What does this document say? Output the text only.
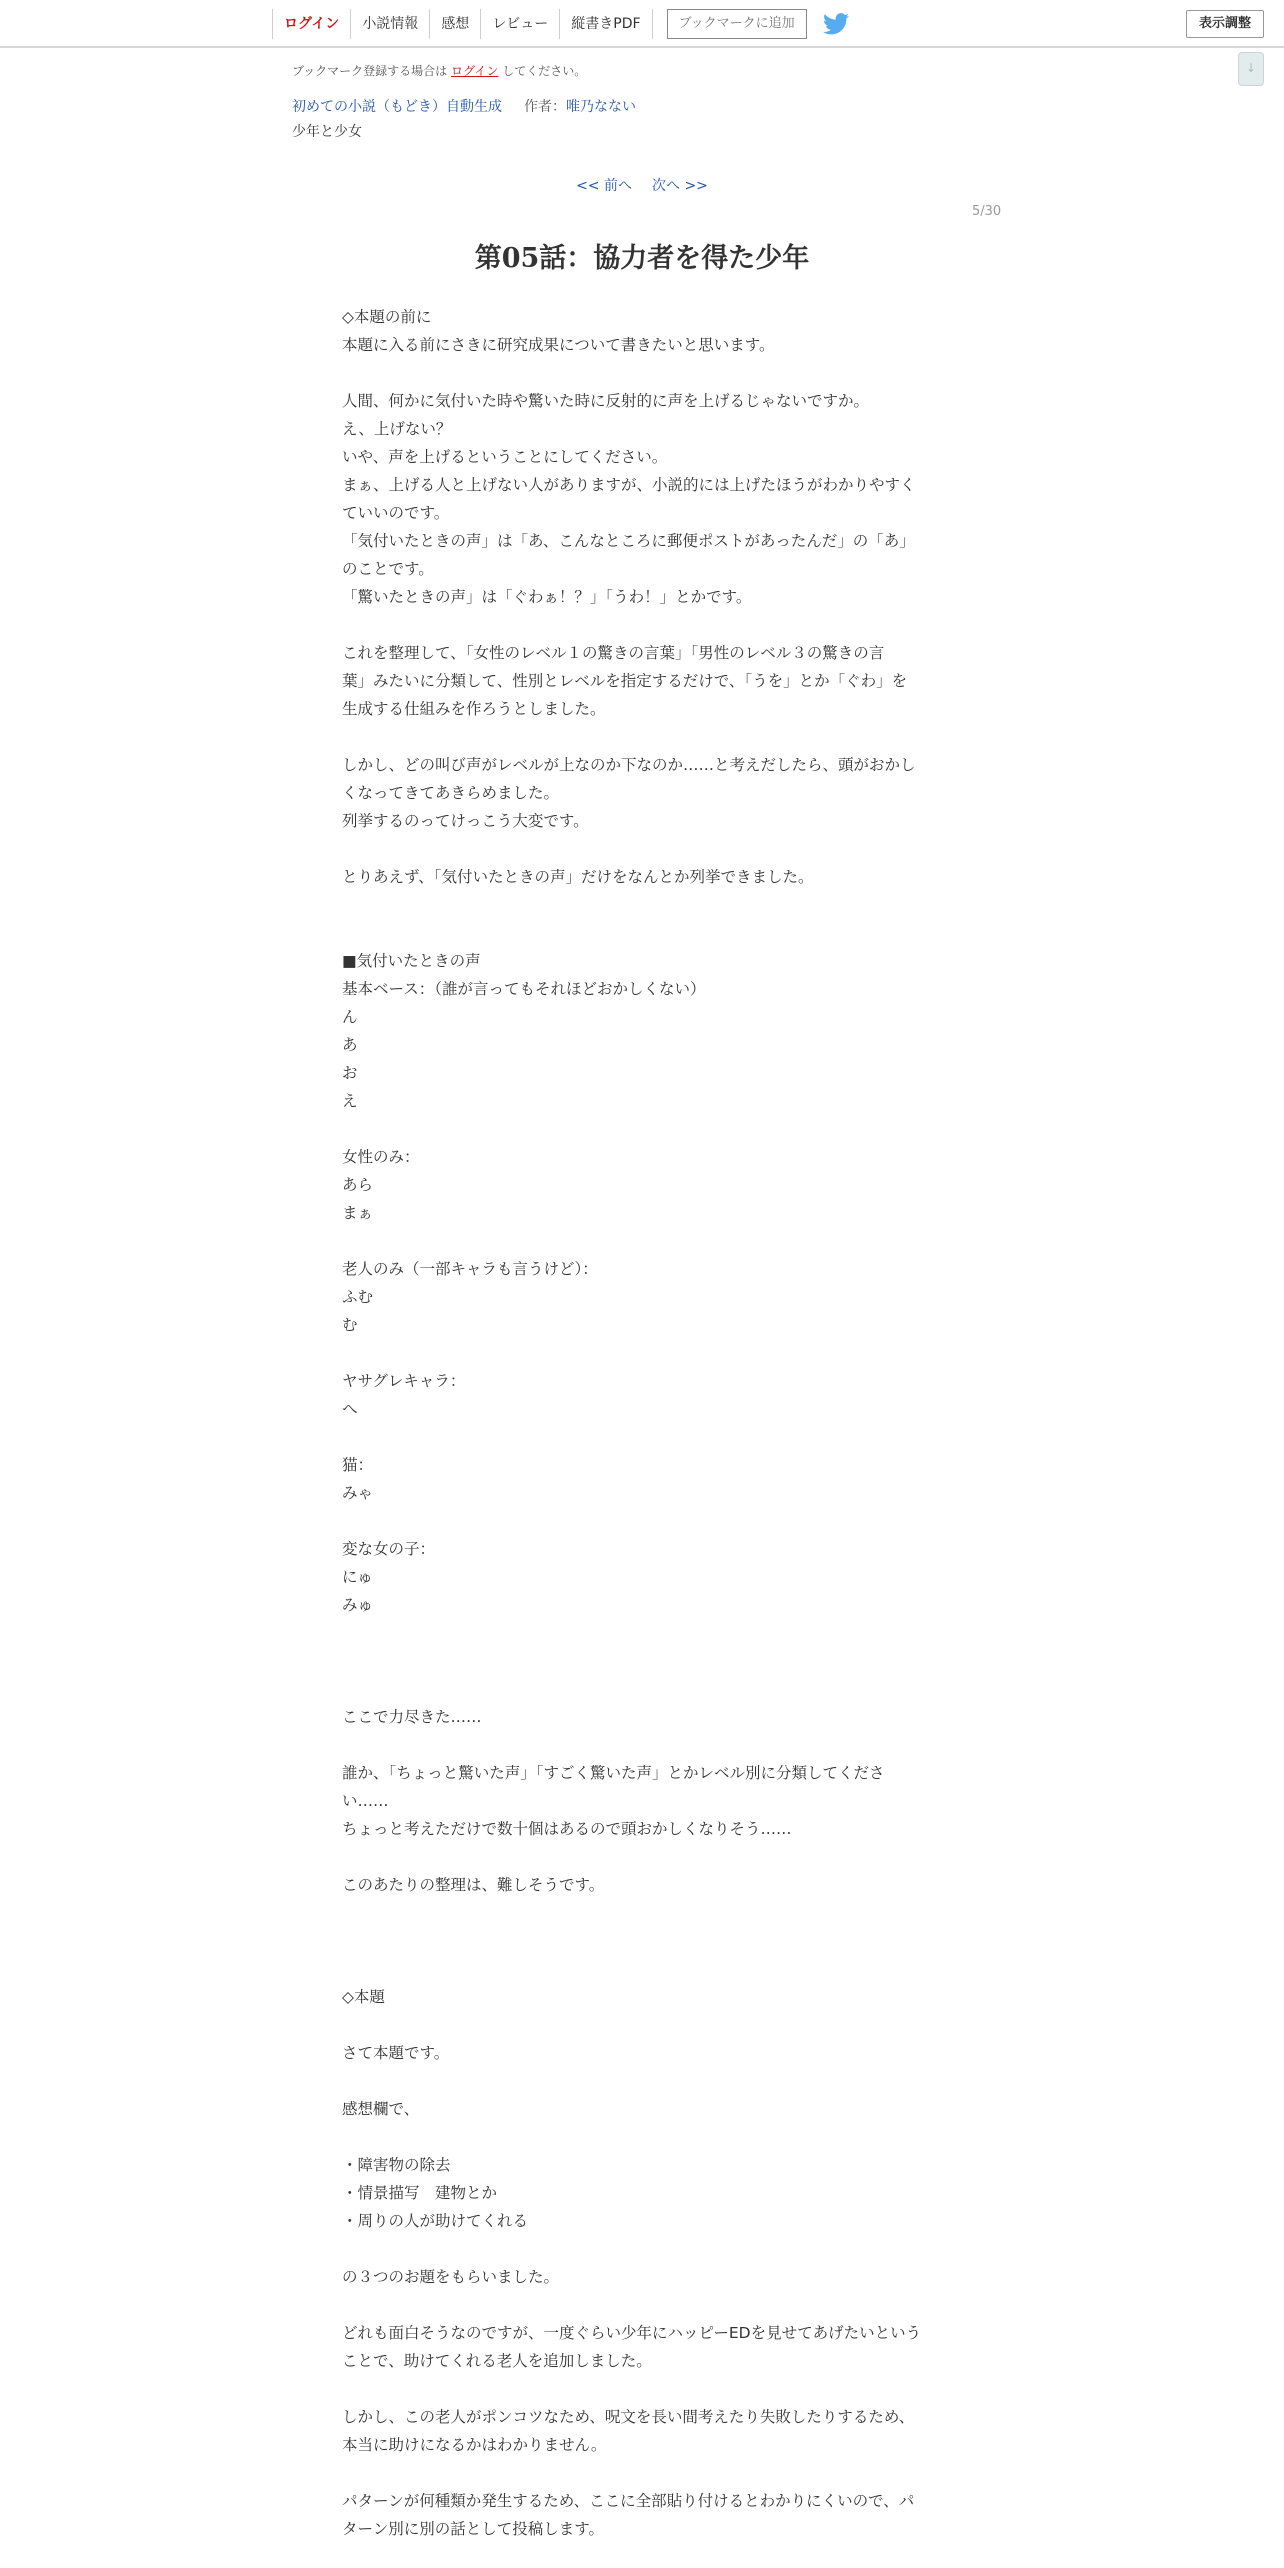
ログイン	小説情報	感想	レビュー	縦書きPDF	ブックマークに追加	表示調整
↓
ブックマーク登録する場合は ログイン してください。
初めての小説（もどき）自動生成 作者：唯乃なない
少年と少女
<< 前へ 次へ >>
5/30
第05話：協力者を得た少年
◇本題の前に
本題に入る前にさきに研究成果について書きたいと思います。
人間、何かに気付いた時や驚いた時に反射的に声を上げるじゃないですか。
え、上げない？
いや、声を上げるということにしてください。
まぁ、上げる人と上げない人がありますが、小説的には上げたほうがわかりやすく
ていいのです。
「気付いたときの声」は「あ、こんなところに郵便ポストがあったんだ」の「あ」
のことです。
「驚いたときの声」は「ぐわぁ！？」「うわ！」とかです。
これを整理して、「女性のレベル１の驚きの言葉」「男性のレベル３の驚きの言
葉」みたいに分類して、性別とレベルを指定するだけで、「うを」とか「ぐわ」を
生成する仕組みを作ろうとしました。
しかし、どの叫び声がレベルが上なのか下なのか……と考えだしたら、頭がおかし
くなってきてあきらめました。
列挙するのってけっこう大変です。
とりあえず、「気付いたときの声」だけをなんとか列挙できました。
■気付いたときの声
基本ベース：（誰が言ってもそれほどおかしくない）
ん
あ
お
え
女性のみ：
あら
まぁ
老人のみ（一部キャラも言うけど）：
ふむ
む
ヤサグレキャラ：
へ
猫：
みゃ
変な女の子：
にゅ
みゅ
ここで力尽きた……
誰か、「ちょっと驚いた声」「すごく驚いた声」とかレベル別に分類してくださ
い……
ちょっと考えただけで数十個はあるので頭おかしくなりそう……
このあたりの整理は、難しそうです。
◇本題
さて本題です。
感想欄で、
・障害物の除去
・情景描写　建物とか
・周りの人が助けてくれる
の３つのお題をもらいました。
どれも面白そうなのですが、一度ぐらい少年にハッピーEDを見せてあげたいという
ことで、助けてくれる老人を追加しました。
しかし、この老人がポンコツなため、呪文を長い間考えたり失敗したりするため、
本当に助けになるかはわかりません。
パターンが何種類か発生するため、ここに全部貼り付けるとわかりにくいので、パ
ターン別に別の話として投稿します。
